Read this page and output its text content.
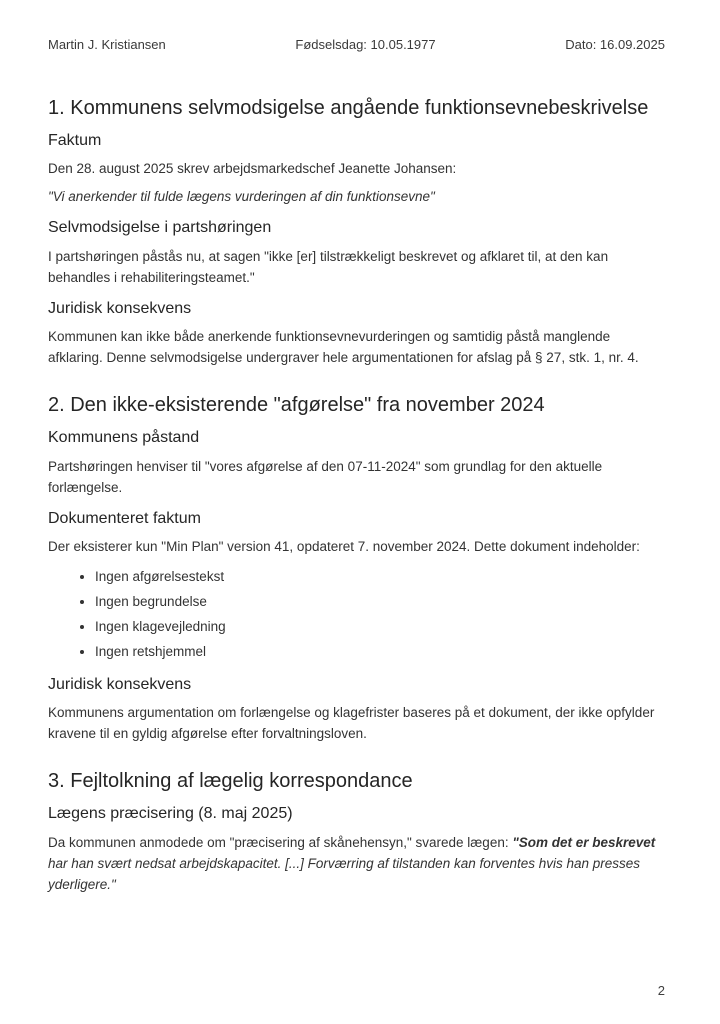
Martin J. Kristiansen	Fødselsdag: 10.05.1977	Dato: 16.09.2025
1. Kommunens selvmodsigelse angående funktionsevnebeskrivelse
Faktum

Den 28. august 2025 skrev arbejdsmarkedschef Jeanette Johansen:

"Vi anerkender til fulde lægens vurderingen af din funktionsevne"

Selvmodsigelse i partshøringen

I partshøringen påstås nu, at sagen "ikke [er] tilstrækkeligt beskrevet og afklaret til, at den kan behandles i rehabiliteringsteamet."

Juridisk konsekvens

Kommunen kan ikke både anerkende funktionsevnevurderingen og samtidig påstå manglende afklaring. Denne selvmodsigelse undergraver hele argumentationen for afslag på § 27, stk. 1, nr. 4.

2. Den ikke-eksisterende "afgørelse" fra november 2024
Kommunens påstand

Partshøringen henviser til "vores afgørelse af den 07-11-2024" som grundlag for den aktuelle forlængelse.

Dokumenteret faktum

Der eksisterer kun "Min Plan" version 41, opdateret 7. november 2024. Dette dokument indeholder:

• Ingen afgørelsestekst
• Ingen begrundelse
• Ingen klagevejledning
• Ingen retshjemmel
Juridisk konsekvens

Kommunens argumentation om forlængelse og klagefrister baseres på et dokument, der ikke opfylder kravene til en gyldig afgørelse efter forvaltningsloven.

3. Fejltolkning af lægelig korrespondance
Lægens præcisering (8. maj 2025)

Da kommunen anmodede om "præcisering af skånehensyn," svarede lægen: "Som det er beskrevet har han svært nedsat arbejdskapacitet. [...] Forværring af tilstanden kan forventes hvis han presses yderligere."

2
